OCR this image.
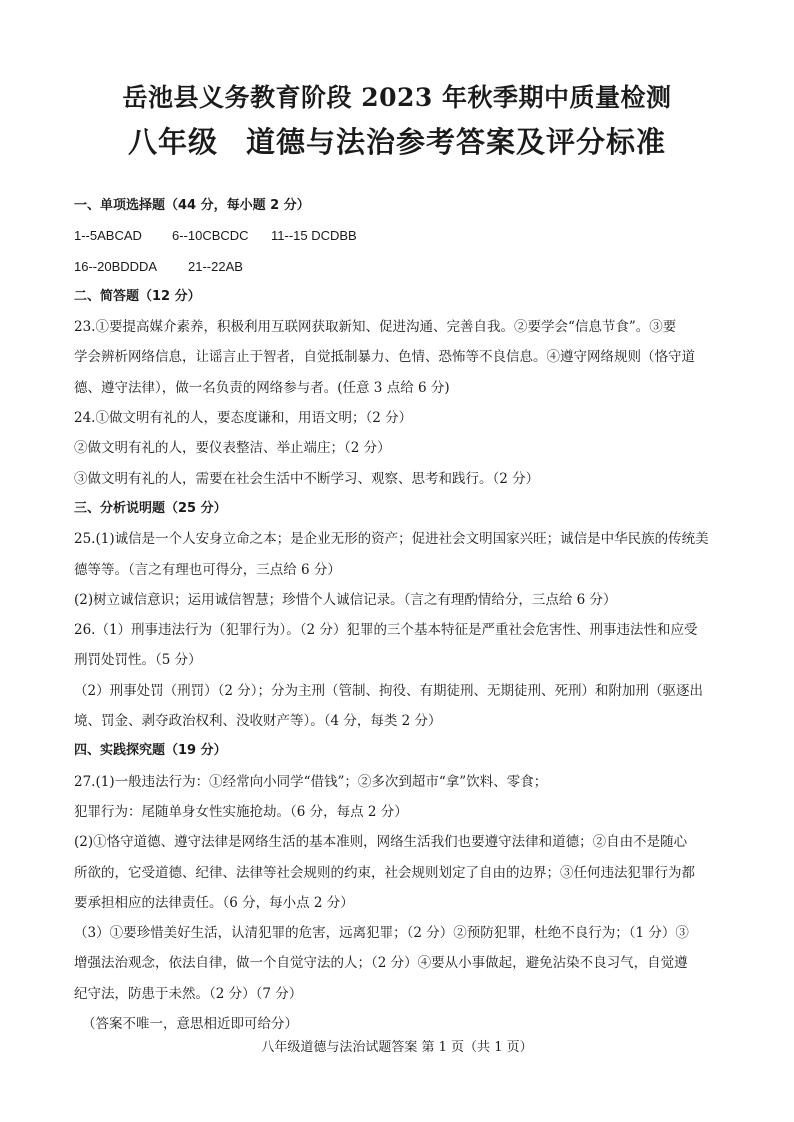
岳池县义务教育阶段 2023 年秋季期中质量检测
八年级 道德与法治参考答案及评分标准
一、单项选择题（44 分，每小题 2 分）
1--5ABCAD 6--10CBCDC 11--15 DCDBB
16--20BDDDA 21--22AB
二、简答题（12 分）
23.①要提高媒介素养，积极利用互联网获取新知、促进沟通、完善自我。②要学会“信息节食”。③要
学会辨析网络信息，让谣言止于智者，自觉抵制暴力、色情、恐怖等不良信息。④遵守网络规则（恪守道
德、遵守法律），做一名负责的网络参与者。(任意 3 点给 6 分)
24.①做文明有礼的人，要态度谦和，用语文明；（2 分）
②做文明有礼的人，要仪表整洁、举止端庄；（2 分）
③做文明有礼的人，需要在社会生活中不断学习、观察、思考和践行。（2 分）
三、分析说明题（25 分）
25.(1)诚信是一个人安身立命之本；是企业无形的资产；促进社会文明国家兴旺；诚信是中华民族的传统美
德等等。（言之有理也可得分，三点给 6 分）
(2)树立诚信意识；运用诚信智慧；珍惜个人诚信记录。（言之有理酌情给分，三点给 6 分）
26.（1）刑事违法行为（犯罪行为）。（2 分）犯罪的三个基本特征是严重社会危害性、刑事违法性和应受
刑罚处罚性。（5 分）
（2）刑事处罚（刑罚）（2 分）；分为主刑（管制、拘役、有期徒刑、无期徒刑、死刑）和附加刑（驱逐出
境、罚金、剥夺政治权利、没收财产等）。（4 分，每类 2 分）
四、实践探究题（19 分）
27.(1)一般违法行为：①经常向小同学“借钱”；②多次到超市“拿”饮料、零食；
犯罪行为：尾随单身女性实施抢劫。（6 分，每点 2 分）
(2)①恪守道德、遵守法律是网络生活的基本准则，网络生活我们也要遵守法律和道德；②自由不是随心
所欲的，它受道德、纪律、法律等社会规则的约束，社会规则划定了自由的边界；③任何违法犯罪行为都
要承担相应的法律责任。（6 分，每小点 2 分）
（3）①要珍惜美好生活，认清犯罪的危害，远离犯罪；（2 分）②预防犯罪，杜绝不良行为；（1 分）③
增强法治观念，依法自律，做一个自觉守法的人；（2 分）④要从小事做起，避免沾染不良习气，自觉遵
纪守法，防患于未然。（2 分）（7 分）
（答案不唯一，意思相近即可给分）
八年级道德与法治试题答案 第 1 页（共 1 页）
